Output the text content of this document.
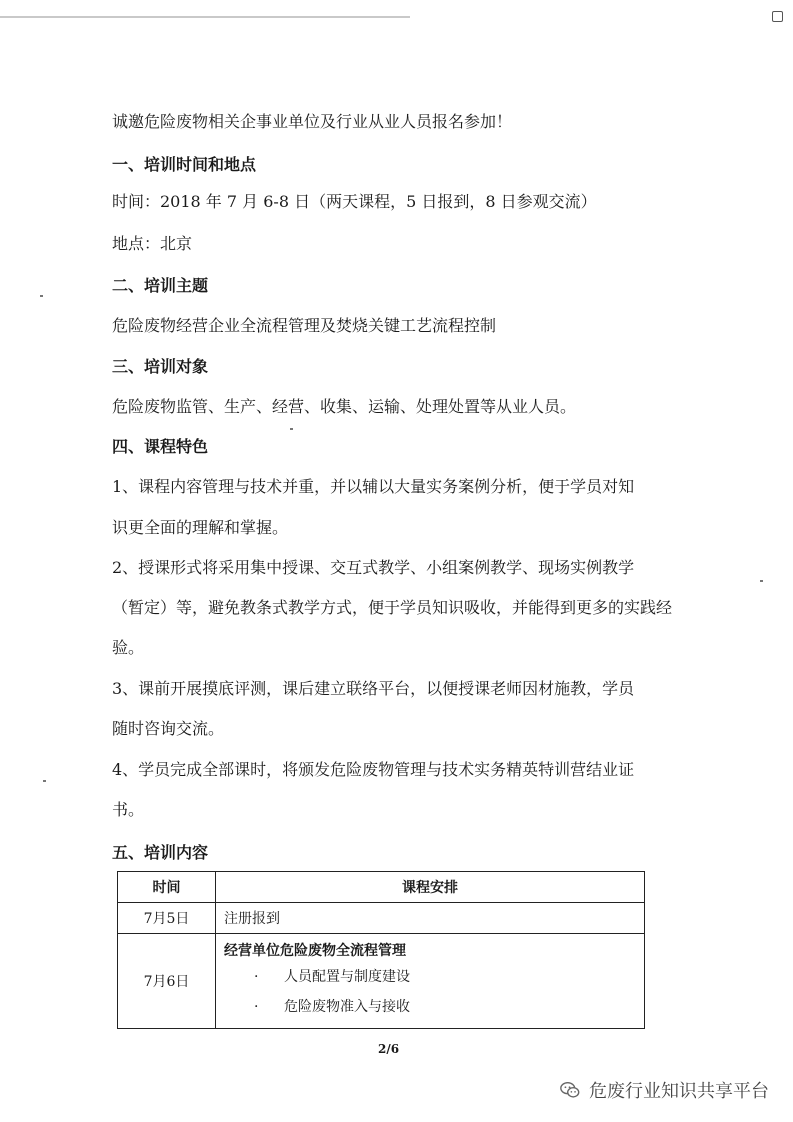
诚邀危险废物相关企事业单位及行业从业人员报名参加！

一、培训时间和地点

时间：2018 年 7 月 6-8 日（两天课程，5 日报到，8 日参观交流）

地点：北京

二、培训主题

危险废物经营企业全流程管理及焚烧关键工艺流程控制

三、培训对象

危险废物监管、生产、经营、收集、运输、处理处置等从业人员。

四、课程特色

1、课程内容管理与技术并重，并以辅以大量实务案例分析，便于学员对知

识更全面的理解和掌握。

2、授课形式将采用集中授课、交互式教学、小组案例教学、现场实例教学

（暂定）等，避免教条式教学方式，便于学员知识吸收，并能得到更多的实践经

验。

3、课前开展摸底评测，课后建立联络平台，以便授课老师因材施教，学员

随时咨询交流。

4、学员完成全部课时，将颁发危险废物管理与技术实务精英特训营结业证

书。

五、培训内容

时间	课程安排
7月5日	注册报到
7月6日	经营单位危险废物全流程管理
· 人员配置与制度建设
· 危险废物准入与接收
2/6
危废行业知识共享平台
